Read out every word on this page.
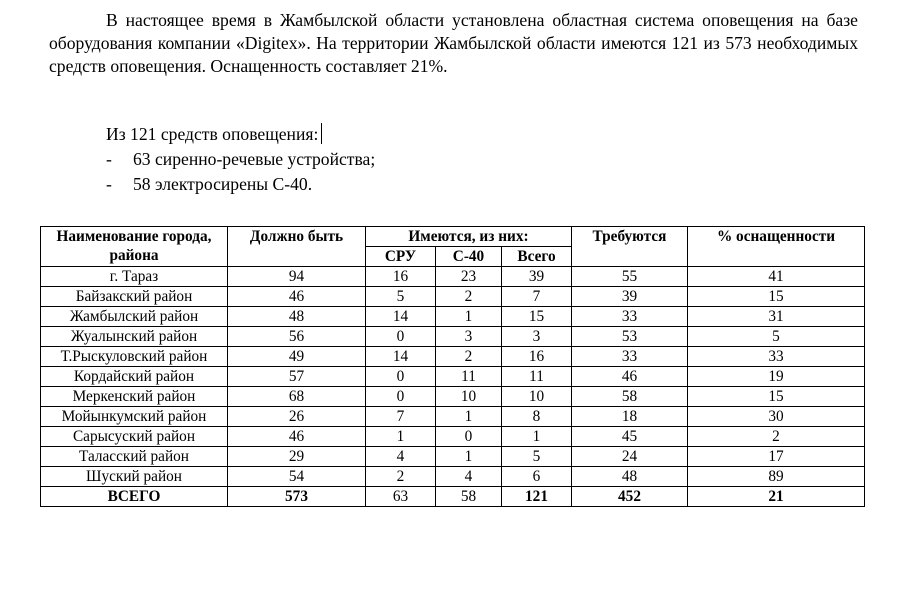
В настоящее время в Жамбылской области установлена областная система оповещения на базе оборудования компании «Digitex». На территории Жамбылской области имеются 121 из 573 необходимых средств оповещения. Оснащенность составляет 21%.

Из 121 средств оповещения:
- 63 сиренно-речевые устройства;
- 58 электросирены С-40.
Наименование города, района	Должно быть	Имеются, из них:			Требуются	% оснащенности
		СРУ	С-40	Всего		
г. Тараз	94	16	23	39	55	41
Байзакский район	46	5	2	7	39	15
Жамбылский район	48	14	1	15	33	31
Жуалынский район	56	0	3	3	53	5
Т.Рыскуловский район	49	14	2	16	33	33
Кордайский район	57	0	11	11	46	19
Меркенский район	68	0	10	10	58	15
Мойынкумский район	26	7	1	8	18	30
Сарысуский район	46	1	0	1	45	2
Таласский район	29	4	1	5	24	17
Шуский район	54	2	4	6	48	89
ВСЕГО	573	63	58	121	452	21
